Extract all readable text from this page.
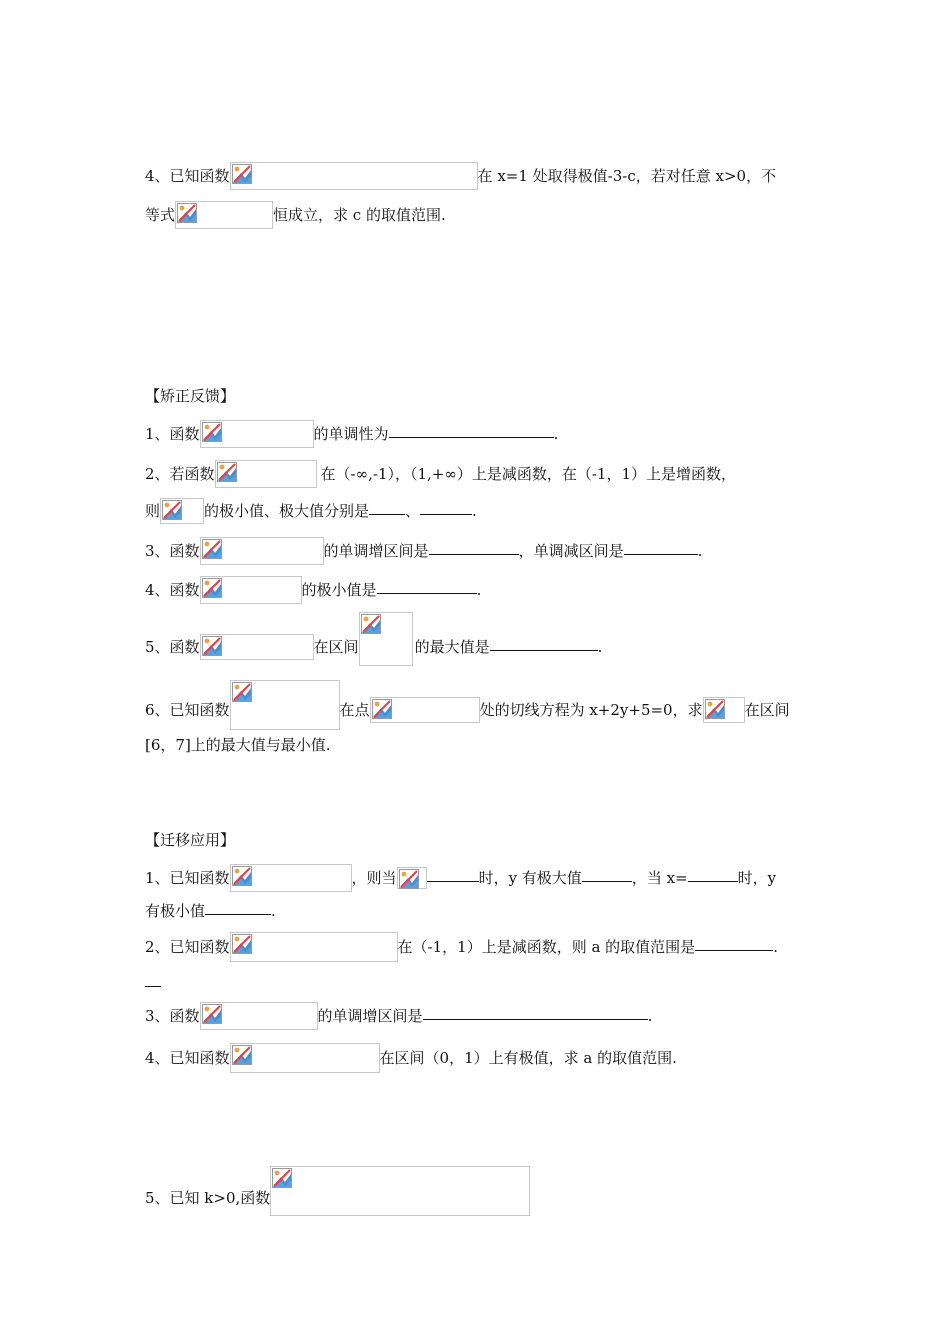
4、已知函数	在 x=1 处取得极值-3-c，若对任意 x>0，不
等式	恒成立，求 c 的取值范围.
【矫正反馈】
1、函数	的单调性为	.
2、若函数	在（-∞,-1），（1,+∞）上是减函数，在（-1，1）上是增函数，
则	的极小值、极大值分别是 、	.
3、函数	的单调增区间是	，单调减区间是	.
4、函数	的极小值是	.
5、函数	在区间	的最大值是	.
6、已知函数	在点	处的切线方程为 x+2y+5=0，求	在区间
[6，7]上的最大值与最小值.
【迁移应用】
1、已知函数	，则当	时，y 有极大值	，当 x=	时，y
有极小值	.
2、已知函数	在（-1，1）上是减函数，则 a 的取值范围是	.
3、函数	的单调增区间是	.
4、已知函数	在区间（0，1）上有极值，求 a 的取值范围.
5、已知 k>0,函数
